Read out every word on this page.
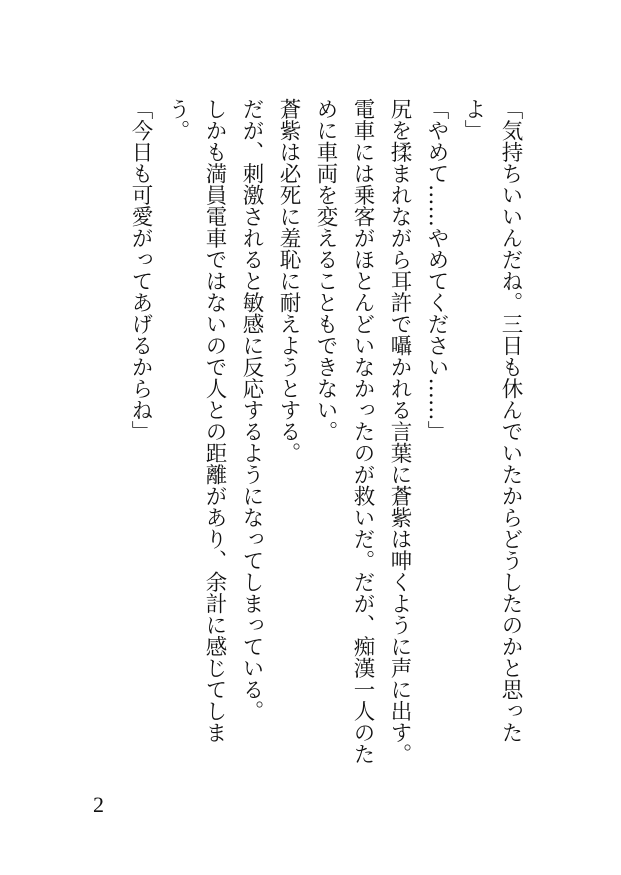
「気持ちいいんだね。三日も休んでいたからどうしたのかと思った
よ」
「やめて……やめてください……」
尻を揉まれながら耳許で囁かれる言葉に蒼紫は呻くように声に出す。
電車には乗客がほとんどいなかったのが救いだ。だが、痴漢一人のた
めに車両を変えることもできない。
蒼紫は必死に羞恥に耐えようとする。
だが、刺激されると敏感に反応するようになってしまっている。
しかも満員電車ではないので人との距離があり、余計に感じてしま
う。
「今日も可愛がってあげるからね」
2
